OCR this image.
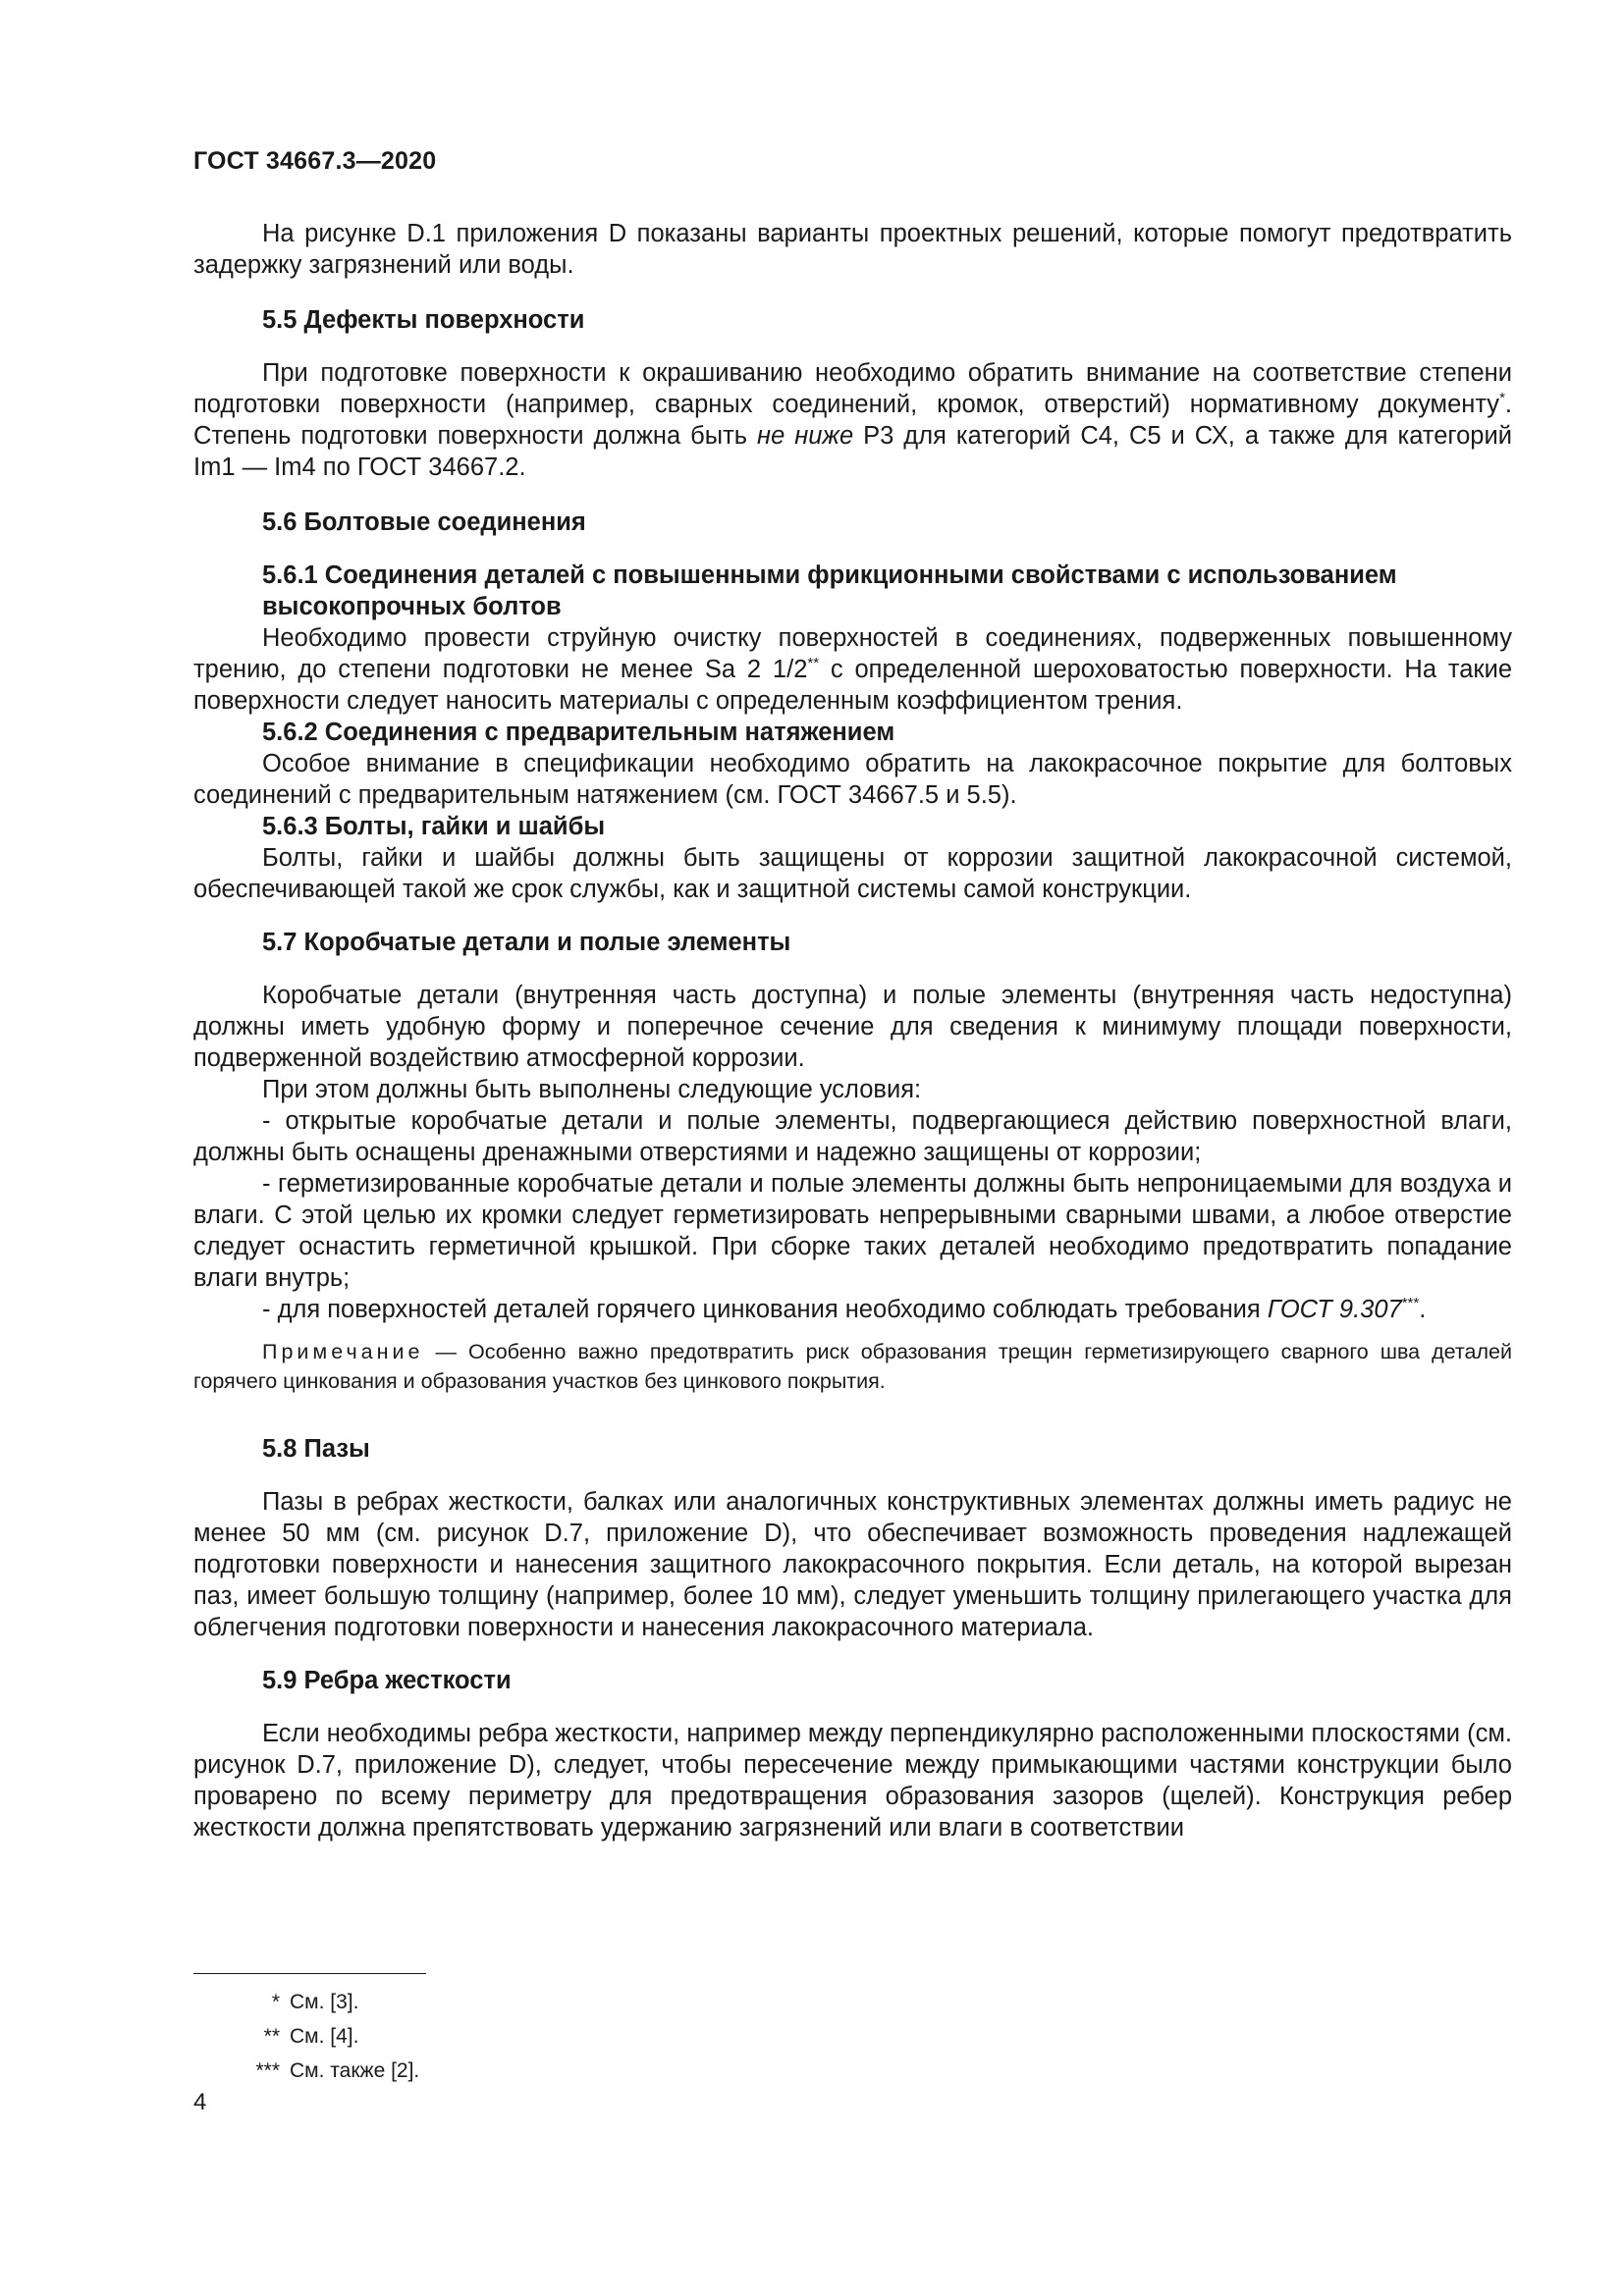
ГОСТ 34667.3—2020

На рисунке D.1 приложения D показаны варианты проектных решений, которые помогут предотвратить задержку загрязнений или воды.

5.5 Дефекты поверхности

При подготовке поверхности к окрашиванию необходимо обратить внимание на соответствие степени подготовки поверхности (например, сварных соединений, кромок, отверстий) нормативному документу*. Степень подготовки поверхности должна быть не ниже Р3 для категорий С4, С5 и СХ, а также для категорий Im1 — Im4 по ГОСТ 34667.2.

5.6 Болтовые соединения
5.6.1 Соединения деталей с повышенными фрикционными свойствами с использованием высокопрочных болтов

Необходимо провести струйную очистку поверхностей в соединениях, подверженных повышенному трению, до степени подготовки не менее Sa 2 1/2** с определенной шероховатостью поверхности. На такие поверхности следует наносить материалы с определенным коэффициентом трения.

5.6.2 Соединения с предварительным натяжением

Особое внимание в спецификации необходимо обратить на лакокрасочное покрытие для болтовых соединений с предварительным натяжением (см. ГОСТ 34667.5 и 5.5).

5.6.3 Болты, гайки и шайбы

Болты, гайки и шайбы должны быть защищены от коррозии защитной лакокрасочной системой, обеспечивающей такой же срок службы, как и защитной системы самой конструкции.

5.7 Коробчатые детали и полые элементы

Коробчатые детали (внутренняя часть доступна) и полые элементы (внутренняя часть недоступна) должны иметь удобную форму и поперечное сечение для сведения к минимуму площади поверхности, подверженной воздействию атмосферной коррозии.

При этом должны быть выполнены следующие условия:

- открытые коробчатые детали и полые элементы, подвергающиеся действию поверхностной влаги, должны быть оснащены дренажными отверстиями и надежно защищены от коррозии;

- герметизированные коробчатые детали и полые элементы должны быть непроницаемыми для воздуха и влаги. С этой целью их кромки следует герметизировать непрерывными сварными швами, а любое отверстие следует оснастить герметичной крышкой. При сборке таких деталей необходимо предотвратить попадание влаги внутрь;

- для поверхностей деталей горячего цинкования необходимо соблюдать требования ГОСТ 9.307***.

Примечание — Особенно важно предотвратить риск образования трещин герметизирующего сварного шва деталей горячего цинкования и образования участков без цинкового покрытия.

5.8 Пазы

Пазы в ребрах жесткости, балках или аналогичных конструктивных элементах должны иметь радиус не менее 50 мм (см. рисунок D.7, приложение D), что обеспечивает возможность проведения надлежащей подготовки поверхности и нанесения защитного лакокрасочного покрытия. Если деталь, на которой вырезан паз, имеет большую толщину (например, более 10 мм), следует уменьшить толщину прилегающего участка для облегчения подготовки поверхности и нанесения лакокрасочного материала.

5.9 Ребра жесткости

Если необходимы ребра жесткости, например между перпендикулярно расположенными плоскостями (см. рисунок D.7, приложение D), следует, чтобы пересечение между примыкающими частями конструкции было проварено по всему периметру для предотвращения образования зазоров (щелей). Конструкция ребер жесткости должна препятствовать удержанию загрязнений или влаги в соответствии

* См. [3].
** См. [4].
*** См. также [2].
4
